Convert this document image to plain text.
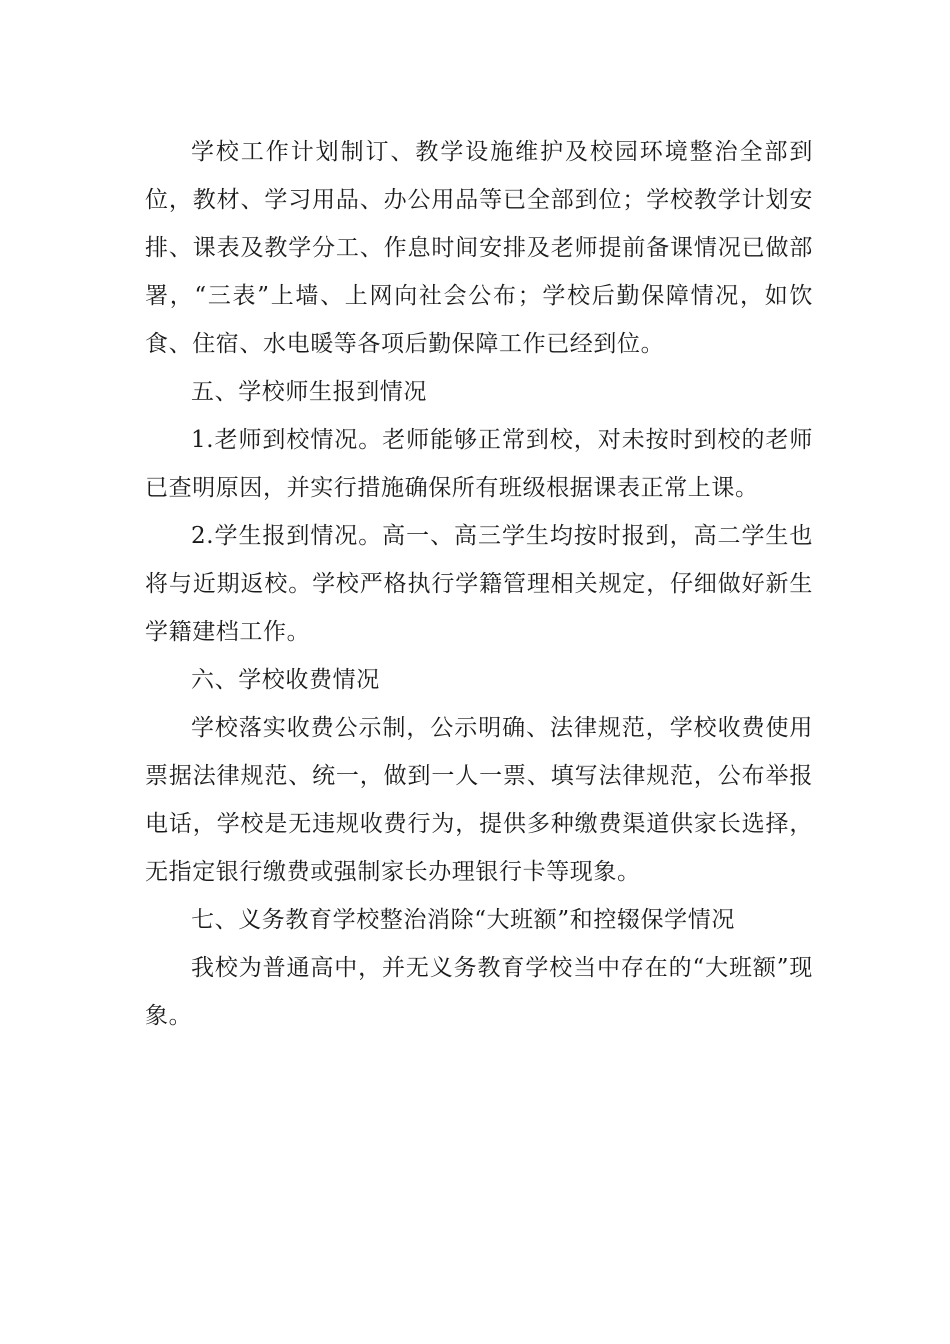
学校工作计划制订、教学设施维护及校园环境整治全部到位，教材、学习用品、办公用品等已全部到位；学校教学计划安排、课表及教学分工、作息时间安排及老师提前备课情况已做部署，“三表”上墙、上网向社会公布；学校后勤保障情况，如饮食、住宿、水电暖等各项后勤保障工作已经到位。

五、学校师生报到情况

1.老师到校情况。老师能够正常到校，对未按时到校的老师已查明原因，并实行措施确保所有班级根据课表正常上课。

2.学生报到情况。高一、高三学生均按时报到，高二学生也将与近期返校。学校严格执行学籍管理相关规定，仔细做好新生学籍建档工作。

六、学校收费情况

学校落实收费公示制，公示明确、法律规范，学校收费使用票据法律规范、统一，做到一人一票、填写法律规范，公布举报电话，学校是无违规收费行为，提供多种缴费渠道供家长选择，无指定银行缴费或强制家长办理银行卡等现象。

七、义务教育学校整治消除“大班额”和控辍保学情况

我校为普通高中，并无义务教育学校当中存在的“大班额”现象。
